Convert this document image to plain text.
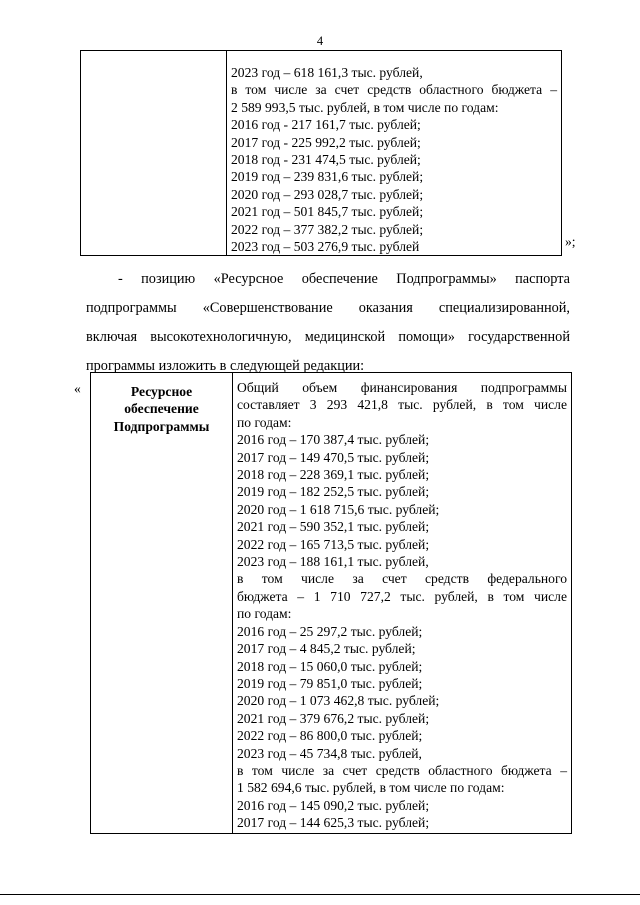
4
2023 год – 618 161,3 тыс. рублей,
в том числе за счет средств областного бюджета –
2 589 993,5 тыс. рублей, в том числе по годам:
2016 год - 217 161,7 тыс. рублей;
2017 год - 225 992,2 тыс. рублей;
2018 год - 231 474,5 тыс. рублей;
2019 год – 239 831,6 тыс. рублей;
2020 год – 293 028,7 тыс. рублей;
2021 год – 501 845,7 тыс. рублей;
2022 год – 377 382,2 тыс. рублей;
2023 год – 503 276,9 тыс. рублей	»;
- позицию «Ресурсное обеспечение Подпрограммы» паспорта
подпрограммы «Совершенствование оказания специализированной,
включая высокотехнологичную, медицинской помощи» государственной
программы изложить в следующей редакции:
«	Ресурсное
обеспечение
Подпрограммы
Общий объем финансирования подпрограммы
составляет 3 293 421,8 тыс. рублей, в том числе
по годам:
2016 год – 170 387,4 тыс. рублей;
2017 год – 149 470,5 тыс. рублей;
2018 год – 228 369,1 тыс. рублей;
2019 год – 182 252,5 тыс. рублей;
2020 год – 1 618 715,6 тыс. рублей;
2021 год – 590 352,1 тыс. рублей;
2022 год – 165 713,5 тыс. рублей;
2023 год – 188 161,1 тыс. рублей,
в том числе за счет средств федерального
бюджета – 1 710 727,2 тыс. рублей, в том числе
по годам:
2016 год – 25 297,2 тыс. рублей;
2017 год – 4 845,2 тыс. рублей;
2018 год – 15 060,0 тыс. рублей;
2019 год – 79 851,0 тыс. рублей;
2020 год – 1 073 462,8 тыс. рублей;
2021 год – 379 676,2 тыс. рублей;
2022 год – 86 800,0 тыс. рублей;
2023 год – 45 734,8 тыс. рублей,
в том числе за счет средств областного бюджета –
1 582 694,6 тыс. рублей, в том числе по годам:
2016 год – 145 090,2 тыс. рублей;
2017 год – 144 625,3 тыс. рублей;
